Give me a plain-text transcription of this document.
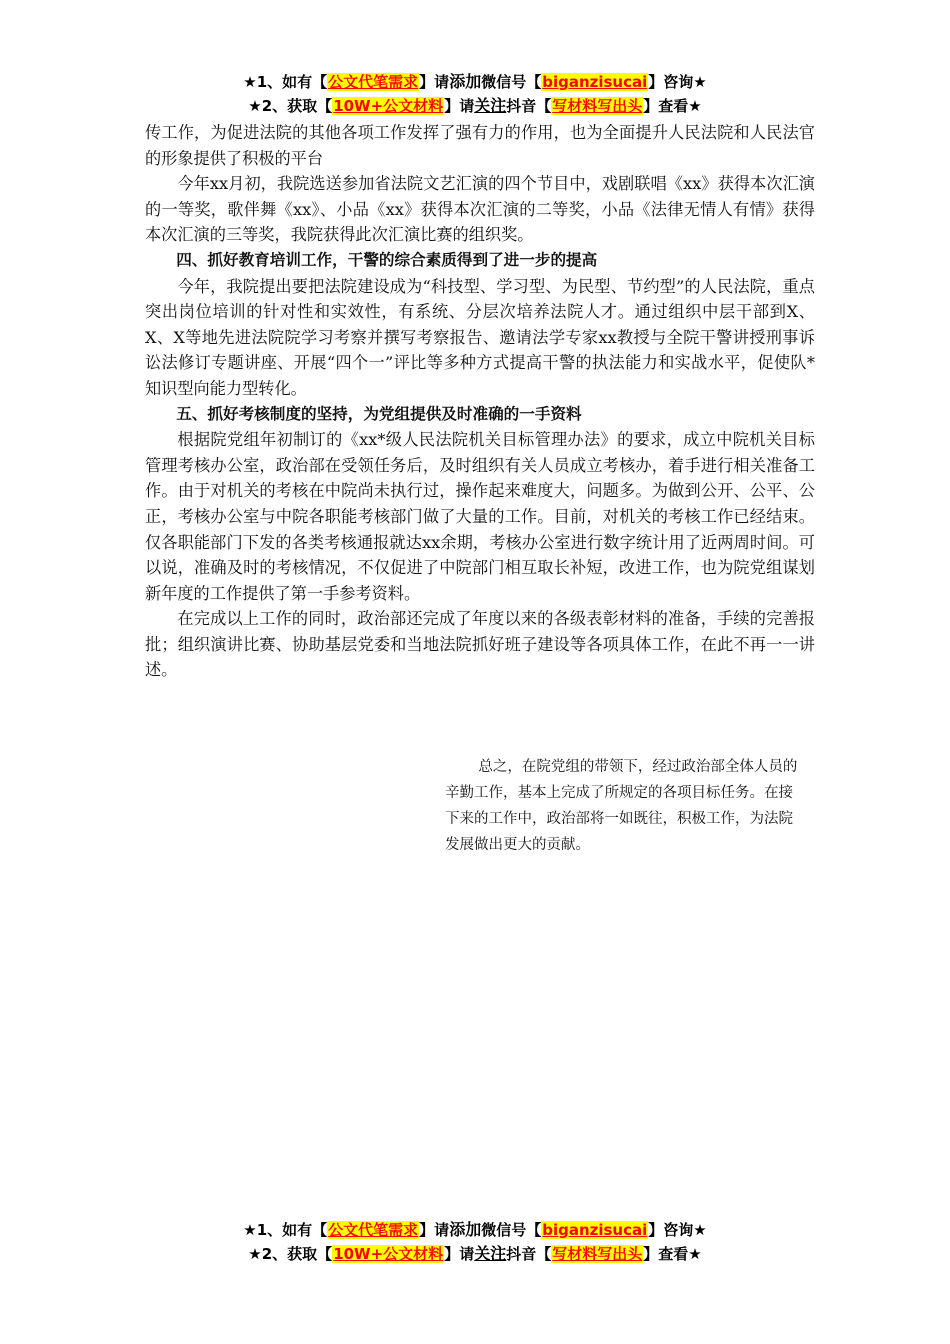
★1、如有【公文代笔需求】请添加微信号【biganzisucai】咨询★
★2、获取【10W+公文材料】请关注抖音【写材料写出头】查看★

传工作，为促进法院的其他各项工作发挥了强有力的作用，也为全面提升人民法院和人民法官的形象提供了积极的平台

今年xx月初，我院选送参加省法院文艺汇演的四个节目中，戏剧联唱《xx》获得本次汇演的一等奖，歌伴舞《xx》、小品《xx》获得本次汇演的二等奖，小品《法律无情人有情》获得本次汇演的三等奖，我院获得此次汇演比赛的组织奖。

四、抓好教育培训工作，干警的综合素质得到了进一步的提高

今年，我院提出要把法院建设成为“科技型、学习型、为民型、节约型”的人民法院，重点突出岗位培训的针对性和实效性，有系统、分层次培养法院人才。通过组织中层干部到X、X、X等地先进法院院学习考察并撰写考察报告、邀请法学专家xx教授与全院干警讲授刑事诉讼法修订专题讲座、开展“四个一”评比等多种方式提高干警的执法能力和实战水平，促使队*知识型向能力型转化。

五、抓好考核制度的坚持，为党组提供及时准确的一手资料

根据院党组年初制订的《xx*级人民法院机关目标管理办法》的要求，成立中院机关目标管理考核办公室，政治部在受领任务后，及时组织有关人员成立考核办，着手进行相关准备工作。由于对机关的考核在中院尚未执行过，操作起来难度大，问题多。为做到公开、公平、公正，考核办公室与中院各职能考核部门做了大量的工作。目前，对机关的考核工作已经结束。仅各职能部门下发的各类考核通报就达xx余期，考核办公室进行数字统计用了近两周时间。可以说，准确及时的考核情况，不仅促进了中院部门相互取长补短，改进工作，也为院党组谋划新年度的工作提供了第一手参考资料。

在完成以上工作的同时，政治部还完成了年度以来的各级表彰材料的准备，手续的完善报批；组织演讲比赛、协助基层党委和当地法院抓好班子建设等各项具体工作，在此不再一一讲述。

总之，在院党组的带领下，经过政治部全体人员的辛勤工作，基本上完成了所规定的各项目标任务。在接下来的工作中，政治部将一如既往，积极工作，为法院发展做出更大的贡献。
★1、如有【公文代笔需求】请添加微信号【biganzisucai】咨询★
★2、获取【10W+公文材料】请关注抖音【写材料写出头】查看★
